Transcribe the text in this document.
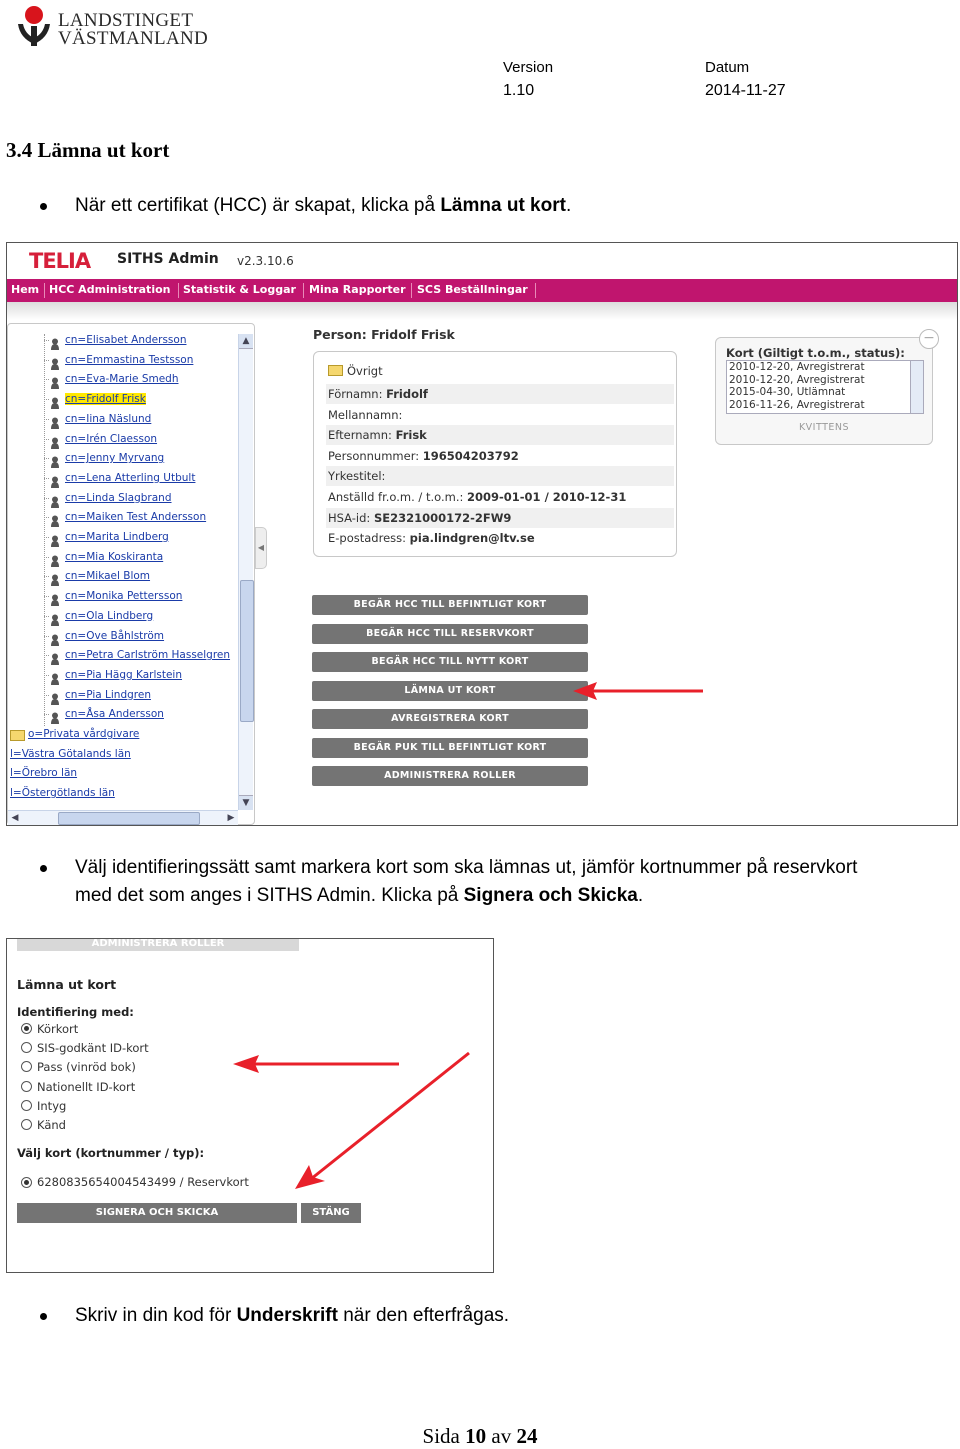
LANDSTINGET
VÄSTMANLAND
Version
1.10
Datum
2014-11-27
3.4 Lämna ut kort
När ett certifikat (HCC) är skapat, klicka på Lämna ut kort.
TELIA SITHS Admin v2.3.10.6
Hem HCC Administration Statistik & Loggar Mina Rapporter SCS Beställningar
cn=Elisabet Andersson
cn=Emmastina Testsson
cn=Eva-Marie Smedh
cn=Fridolf Frisk
cn=Iina Näslund
cn=Irén Claesson
cn=Jenny Myrvang
cn=Lena Atterling Utbult
cn=Linda Slagbrand
cn=Maiken Test Andersson
cn=Marita Lindberg
cn=Mia Koskiranta
cn=Mikael Blom
cn=Monika Pettersson
cn=Ola Lindberg
cn=Ove Båhlström
cn=Petra Carlström Hasselgren
cn=Pia Hägg Karlstein
cn=Pia Lindgren
cn=Åsa Andersson
o=Privata vårdgivare
l=Västra Götalands län
l=Örebro län
l=Östergötlands län
▲
▼
◀	▶
◀
Person: Fridolf Frisk
Övrigt
Förnamn: Fridolf
Mellannamn:
Efternamn: Frisk
Personnummer: 196504203792
Yrkestitel:
Anställd fr.o.m. / t.o.m.: 2009-01-01 / 2010-12-31
HSA-id: SE2321000172-2FW9
E-postadress: pia.lindgren@ltv.se
Kort (Giltigt t.o.m., status):
2010-12-20, Avregistrerat
2010-12-20, Avregistrerat
2015-04-30, Utlämnat
2016-11-26, Avregistrerat
KVITTENS
−
BEGÄR HCC TILL BEFINTLIGT KORT
BEGÄR HCC TILL RESERVKORT
BEGÄR HCC TILL NYTT KORT
LÄMNA UT KORT
AVREGISTRERA KORT
BEGÄR PUK TILL BEFINTLIGT KORT
ADMINISTRERA ROLLER
Välj identifieringssätt samt markera kort som ska lämnas ut, jämför kortnummer på reservkort
med det som anges i SITHS Admin. Klicka på Signera och Skicka.
ADMINISTRERA ROLLER
Lämna ut kort
Identifiering med:
Körkort
SIS-godkänt ID-kort
Pass (vinröd bok)
Nationellt ID-kort
Intyg
Känd
Välj kort (kortnummer / typ):
6280835654004543499 / Reservkort
SIGNERA OCH SKICKA	STÄNG
Skriv in din kod för Underskrift när den efterfrågas.
Sida 10 av 24
